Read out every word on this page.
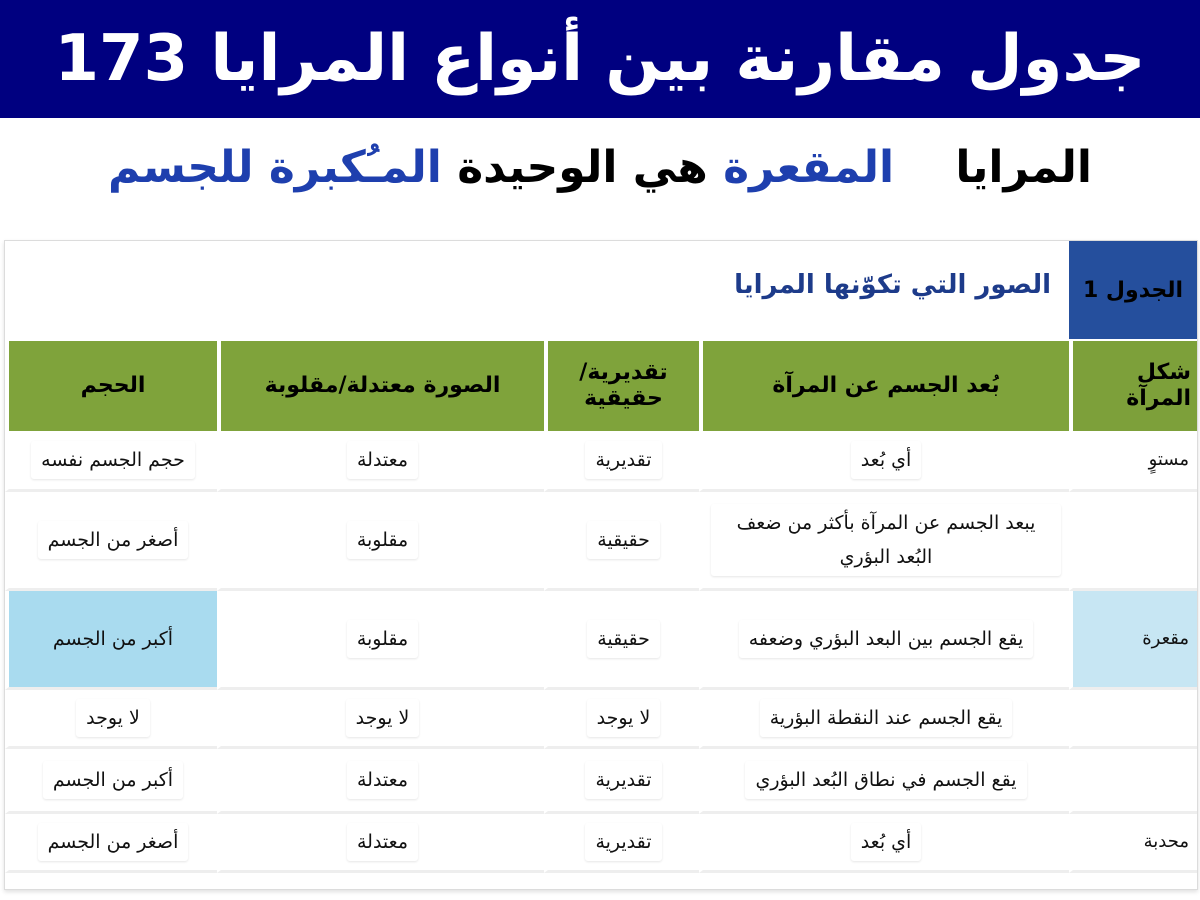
جدول مقارنة بين أنواع المرايا 173
المرايا    المقعرة هي الوحيدة المـُكبرة للجسم
الجدول 1
الصور التي تكوّنها المرايا
شكل المرآة	بُعد الجسم عن المرآة	تقديرية/ حقيقية	الصورة معتدلة/مقلوبة	الحجم
مستوٍ	أي بُعد	تقديرية	معتدلة	حجم الجسم نفسه
	يبعد الجسم عن المرآة بأكثر من ضعف البُعد البؤري	حقيقية	مقلوبة	أصغر من الجسم
مقعرة	يقع الجسم بين البعد البؤري وضعفه	حقيقية	مقلوبة	أكبر من الجسم
	يقع الجسم عند النقطة البؤرية	لا يوجد	لا يوجد	لا يوجد
	يقع الجسم في نطاق البُعد البؤري	تقديرية	معتدلة	أكبر من الجسم
محدبة	أي بُعد	تقديرية	معتدلة	أصغر من الجسم
